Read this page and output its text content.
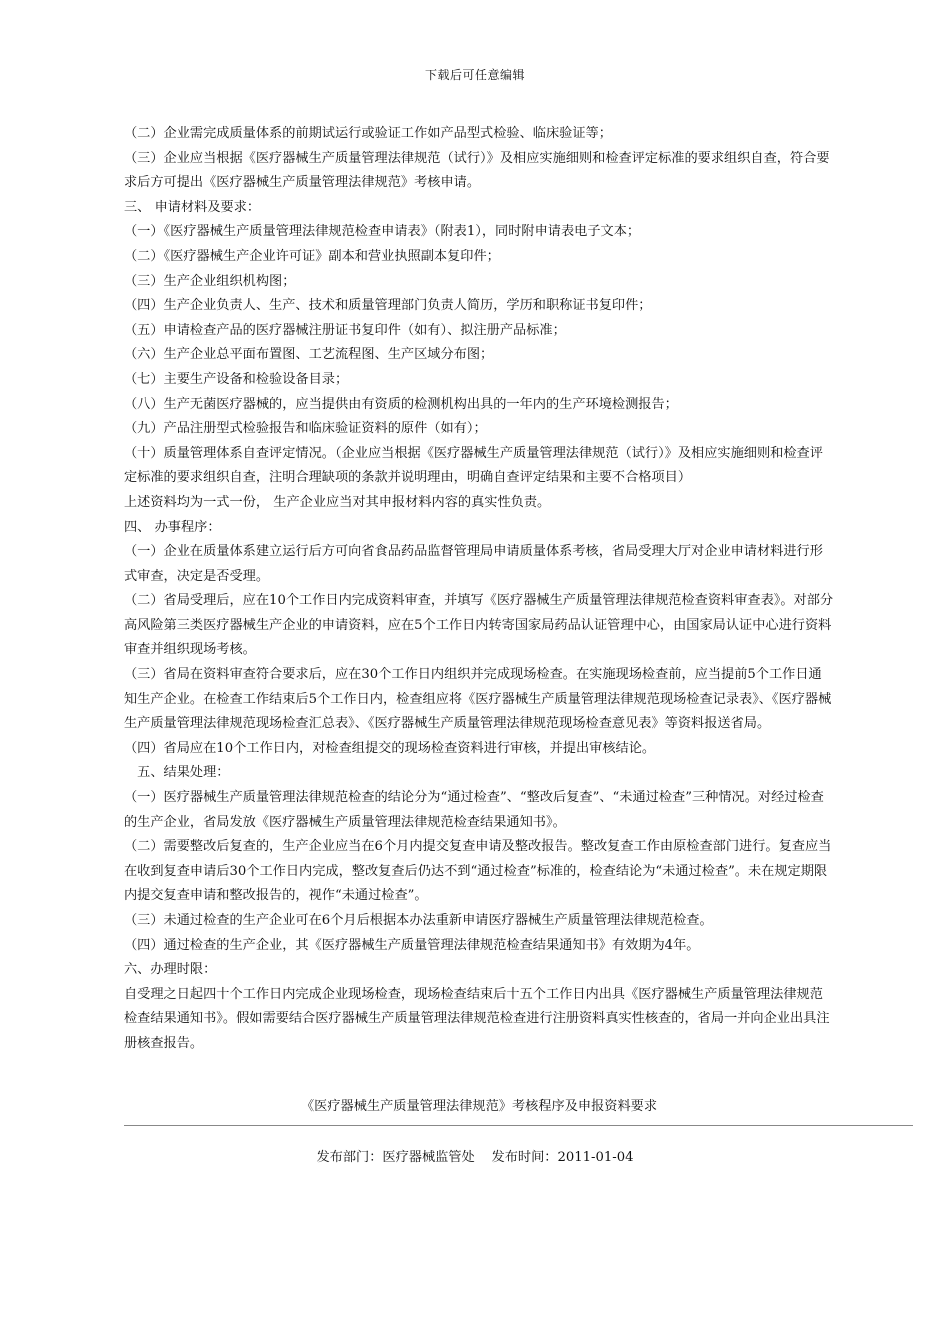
下载后可任意编辑

（二）企业需完成质量体系的前期试运行或验证工作如产品型式检验、临床验证等；

（三）企业应当根据《医疗器械生产质量管理法律规范（试行）》及相应实施细则和检查评定标准的要求组织自查，符合要求后方可提出《医疗器械生产质量管理法律规范》考核申请。

三、 申请材料及要求：

（一）《医疗器械生产质量管理法律规范检查申请表》（附表1），同时附申请表电子文本；

（二）《医疗器械生产企业许可证》副本和营业执照副本复印件；

（三）生产企业组织机构图；

（四）生产企业负责人、生产、技术和质量管理部门负责人简历，学历和职称证书复印件；

（五）申请检查产品的医疗器械注册证书复印件（如有）、拟注册产品标准；

（六）生产企业总平面布置图、工艺流程图、生产区域分布图；

（七）主要生产设备和检验设备目录；

（八）生产无菌医疗器械的，应当提供由有资质的检测机构出具的一年内的生产环境检测报告；

（九）产品注册型式检验报告和临床验证资料的原件（如有）；

（十）质量管理体系自查评定情况。（企业应当根据《医疗器械生产质量管理法律规范（试行）》及相应实施细则和检查评定标准的要求组织自查，注明合理缺项的条款并说明理由，明确自查评定结果和主要不合格项目）

上述资料均为一式一份， 生产企业应当对其申报材料内容的真实性负责。

四、 办事程序：

（一）企业在质量体系建立运行后方可向省食品药品监督管理局申请质量体系考核，省局受理大厅对企业申请材料进行形式审查，决定是否受理。

（二）省局受理后，应在10个工作日内完成资料审查，并填写《医疗器械生产质量管理法律规范检查资料审查表》。对部分高风险第三类医疗器械生产企业的申请资料，应在5个工作日内转寄国家局药品认证管理中心，由国家局认证中心进行资料审查并组织现场考核。

（三）省局在资料审查符合要求后，应在30个工作日内组织并完成现场检查。在实施现场检查前，应当提前5个工作日通知生产企业。在检查工作结束后5个工作日内，检查组应将《医疗器械生产质量管理法律规范现场检查记录表》、《医疗器械生产质量管理法律规范现场检查汇总表》、《医疗器械生产质量管理法律规范现场检查意见表》等资料报送省局。

（四）省局应在10个工作日内，对检查组提交的现场检查资料进行审核，并提出审核结论。

　五、结果处理：

（一）医疗器械生产质量管理法律规范检查的结论分为“通过检查”、“整改后复查”、“未通过检查”三种情况。对经过检查的生产企业，省局发放《医疗器械生产质量管理法律规范检查结果通知书》。

（二）需要整改后复查的，生产企业应当在6个月内提交复查申请及整改报告。整改复查工作由原检查部门进行。复查应当在收到复查申请后30个工作日内完成，整改复查后仍达不到“通过检查”标准的，检查结论为“未通过检查”。未在规定期限内提交复查申请和整改报告的，视作“未通过检查”。

（三）未通过检查的生产企业可在6个月后根据本办法重新申请医疗器械生产质量管理法律规范检查。

（四）通过检查的生产企业，其《医疗器械生产质量管理法律规范检查结果通知书》有效期为4年。

六、办理时限：

自受理之日起四十个工作日内完成企业现场检查，现场检查结束后十五个工作日内出具《医疗器械生产质量管理法律规范检查结果通知书》。假如需要结合医疗器械生产质量管理法律规范检查进行注册资料真实性核查的，省局一并向企业出具注册核查报告。

《医疗器械生产质量管理法律规范》考核程序及申报资料要求
发布部门：医疗器械监管处    发布时间：2011-01-04
